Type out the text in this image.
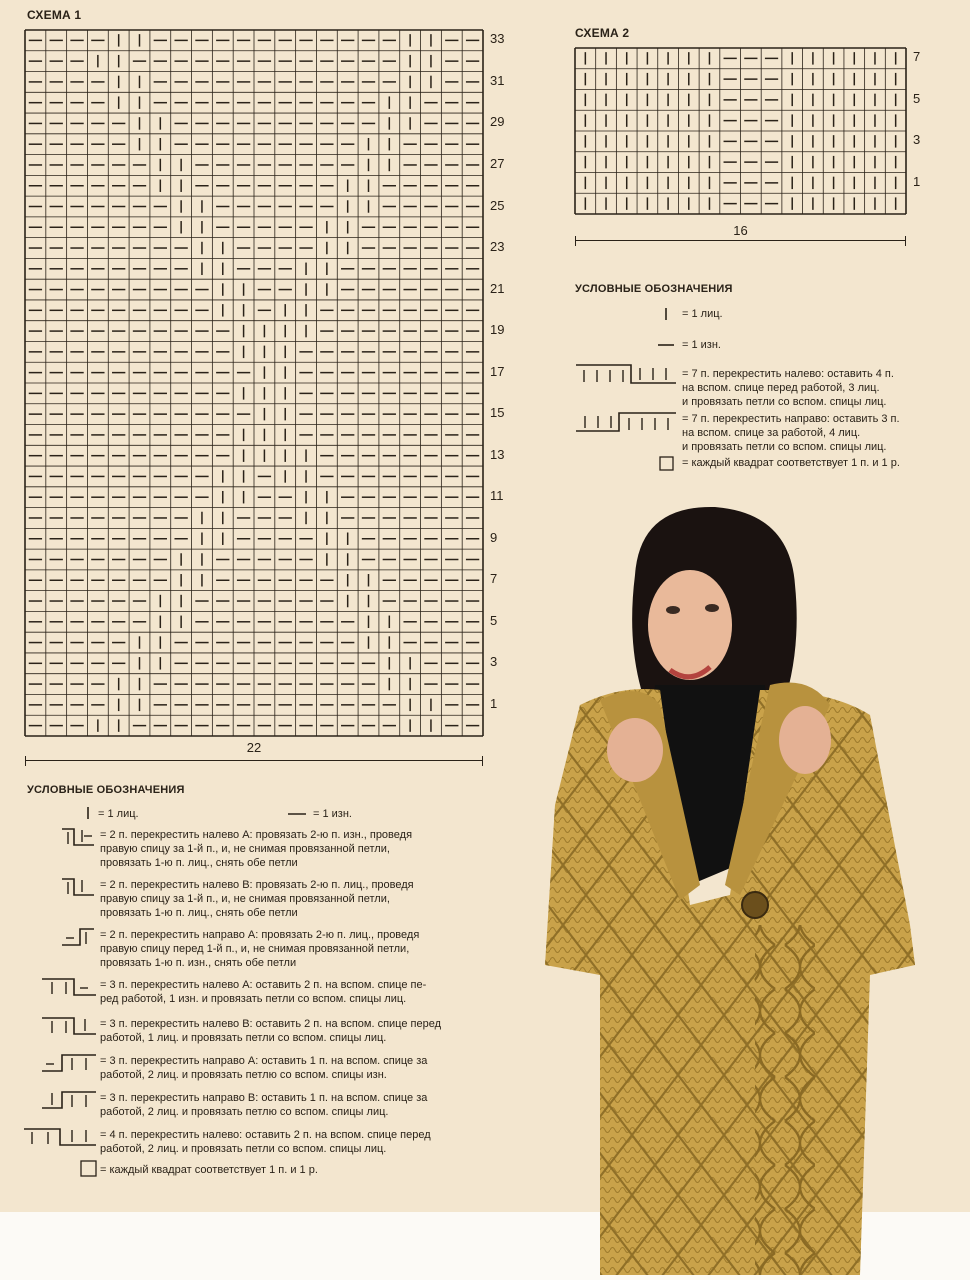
СХЕМА 1
33
31
29
27
25
23
21
19
17
15
13
11
9
7
5
3
1
22
СХЕМА 2
7
5
3
1
16
УСЛОВНЫЕ ОБОЗНАЧЕНИЯ
= 1 лиц.
= 1 изн.
= 7 п. перекрестить налево: оставить 4 п.
на вспом. спице перед работой, 3 лиц.
и провязать петли со вспом. спицы лиц.
= 7 п. перекрестить направо: оставить 3 п.
на вспом. спице за работой, 4 лиц.
и провязать петли со вспом. спицы лиц.
= каждый квадрат соответствует 1 п. и 1 р.
УСЛОВНЫЕ ОБОЗНАЧЕНИЯ
= 1 лиц.	= 1 изн.
= 2 п. перекрестить налево А: провязать 2-ю п. изн., проведя
правую спицу за 1-й п., и, не снимая провязанной петли,
провязать 1-ю п. лиц., снять обе петли
= 2 п. перекрестить налево В: провязать 2-ю п. лиц., проведя
правую спицу за 1-й п., и, не снимая провязанной петли,
провязать 1-ю п. лиц., снять обе петли
= 2 п. перекрестить направо А: провязать 2-ю п. лиц., проведя
правую спицу перед 1-й п., и, не снимая провязанной петли,
провязать 1-ю п. изн., снять обе петли
= 3 п. перекрестить налево А: оставить 2 п. на вспом. спице пе-
ред работой, 1 изн. и провязать петли со вспом. спицы лиц.
= 3 п. перекрестить налево В: оставить 2 п. на вспом. спице перед
работой, 1 лиц. и провязать петли со вспом. спицы лиц.
= 3 п. перекрестить направо А: оставить 1 п. на вспом. спице за
работой, 2 лиц. и провязать петлю со вспом. спицы изн.
= 3 п. перекрестить направо В: оставить 1 п. на вспом. спице за
работой, 2 лиц. и провязать петлю со вспом. спицы лиц.
= 4 п. перекрестить налево: оставить 2 п. на вспом. спице перед
работой, 2 лиц. и провязать петли со вспом. спицы лиц.
= каждый квадрат соответствует 1 п. и 1 р.
